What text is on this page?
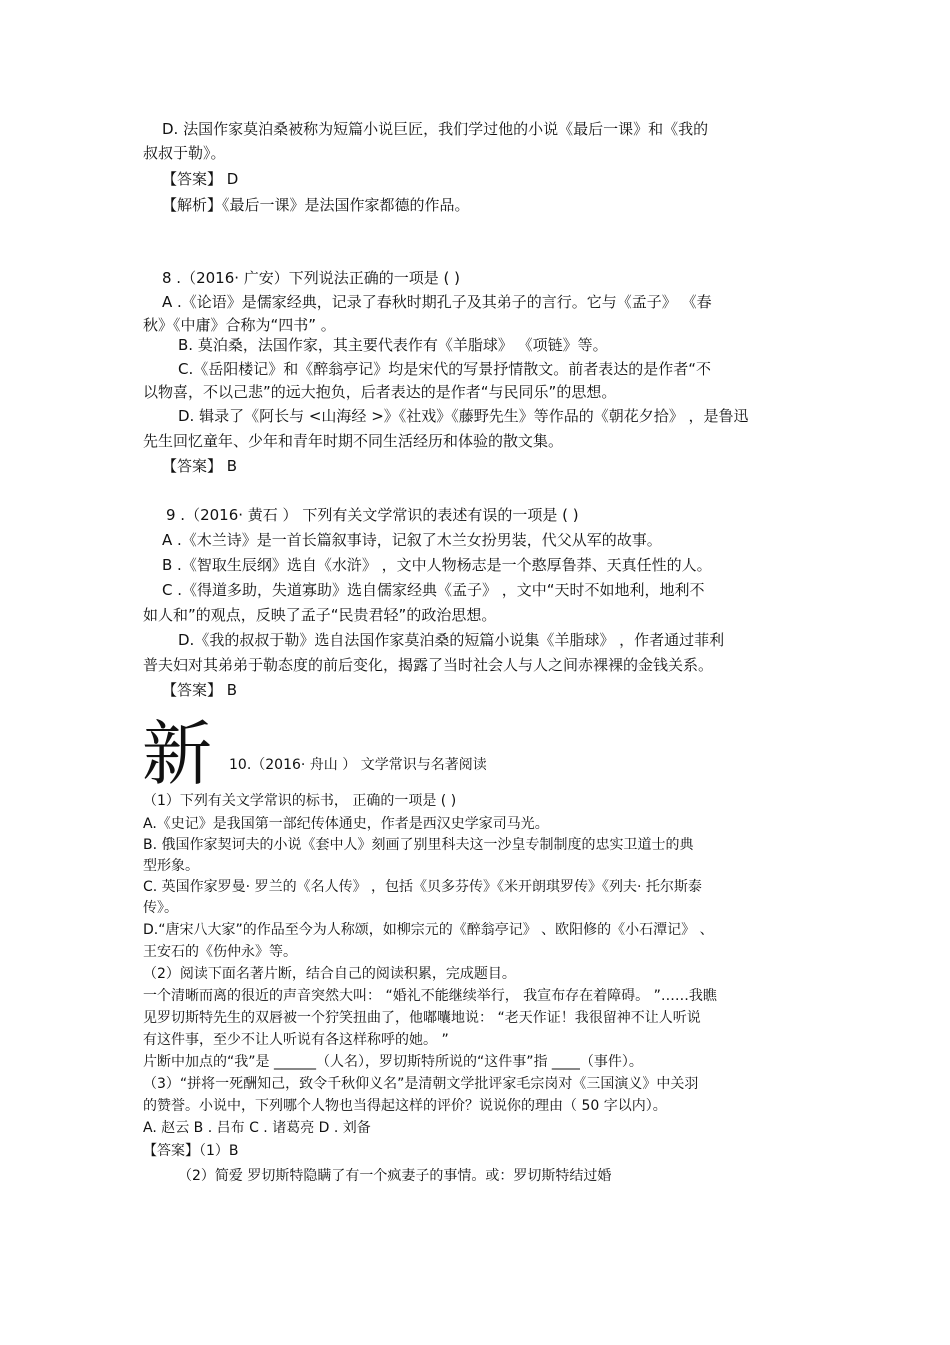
D. 法国作家莫泊桑被称为短篇小说巨匠，我们学过他的小说《最后一课》和《我的
叔叔于勒》。
【答案】 D
【解析】《最后一课》是法国作家都德的作品。
8 .（2016· 广安）下列说法正确的一项是 ( )
A .《论语》是儒家经典，记录了春秋时期孔子及其弟子的言行。它与《孟子》 《春
秋》《中庸》合称为“四书” 。
B. 莫泊桑，法国作家，其主要代表作有《羊脂球》 《项链》等。
C.《岳阳楼记》和《醉翁亭记》均是宋代的写景抒情散文。前者表达的是作者“不
以物喜，不以己悲”的远大抱负，后者表达的是作者“与民同乐”的思想。
D. 辑录了《阿长与 <山海经 >》《社戏》《藤野先生》等作品的《朝花夕拾》 ，是鲁迅
先生回忆童年、少年和青年时期不同生活经历和体验的散文集。
【答案】 B
9 .（2016· 黄石 ） 下列有关文学常识的表述有误的一项是 ( )
A .《木兰诗》是一首长篇叙事诗，记叙了木兰女扮男装，代父从军的故事。
B .《智取生辰纲》选自《水浒》 ，文中人物杨志是一个憨厚鲁莽、天真任性的人。
C .《得道多助，失道寡助》选自儒家经典《孟子》 ，文中“天时不如地利，地利不
如人和”的观点，反映了孟子“民贵君轻”的政治思想。
D.《我的叔叔于勒》选自法国作家莫泊桑的短篇小说集《羊脂球》 ，作者通过菲利
普夫妇对其弟弟于勒态度的前后变化，揭露了当时社会人与人之间赤裸裸的金钱关系。
【答案】 B
新 10.（2016· 舟山 ） 文学常识与名著阅读
（1）下列有关文学常识的标书， 正确的一项是 ( )
A.《史记》是我国第一部纪传体通史，作者是西汉史学家司马光。
B. 俄国作家契诃夫的小说《套中人》刻画了别里科夫这一沙皇专制制度的忠实卫道士的典
型形象。
C. 英国作家罗曼· 罗兰的《名人传》 ，包括《贝多芬传》《米开朗琪罗传》《列夫· 托尔斯泰
传》。
D.“唐宋八大家”的作品至今为人称颂，如柳宗元的《醉翁亭记》 、欧阳修的《小石潭记》 、
王安石的《伤仲永》等。
（2）阅读下面名著片断，结合自己的阅读积累，完成题目。
一个清晰而离的很近的声音突然大叫： “婚礼不能继续举行， 我宣布存在着障碍。 ”……我瞧
见罗切斯特先生的双唇被一个狞笑扭曲了，他嘟囔地说： “老天作证！我很留神不让人听说
有这件事，至少不让人听说有各这样称呼的她。 ”
片断中加点的“我”是 ______（人名），罗切斯特所说的“这件事”指 ____（事件）。
（3）“拼将一死酬知己，致令千秋仰义名”是清朝文学批评家毛宗岗对《三国演义》中关羽
的赞誉。小说中，下列哪个人物也当得起这样的评价？说说你的理由（ 50 字以内）。
A. 赵云 B . 吕布 C . 诸葛亮 D . 刘备
【答案】（1）B
（2）简爱 罗切斯特隐瞒了有一个疯妻子的事情。或：罗切斯特结过婚
